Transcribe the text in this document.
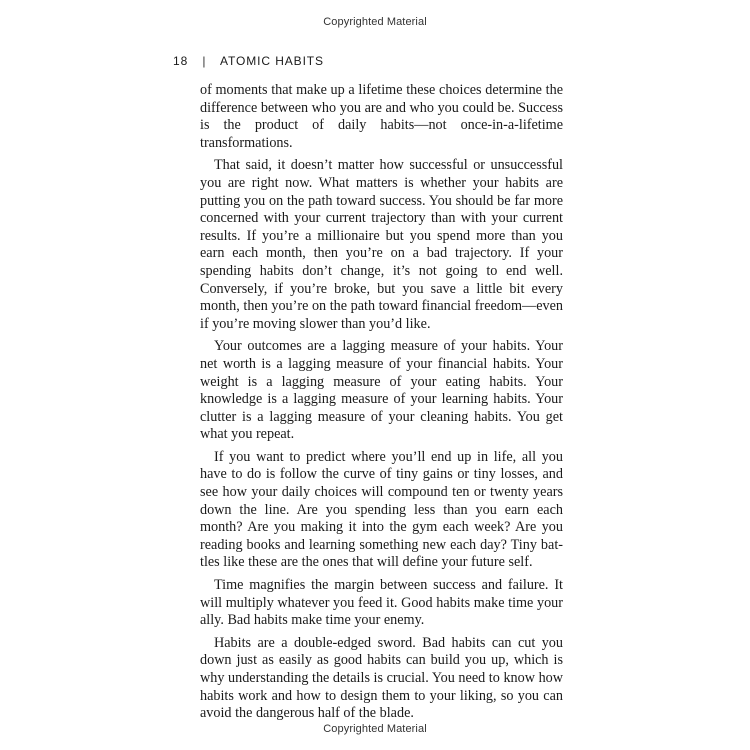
Copyrighted Material
18 | ATOMIC HABITS

of moments that make up a lifetime these choices determine the difference between who you are and who you could be. Success is the product of daily habits—not once-in-a-lifetime transformations.

That said, it doesn’t matter how successful or unsuccessful you are right now. What matters is whether your habits are putting you on the path toward success. You should be far more concerned with your current trajectory than with your current results. If you’re a millionaire but you spend more than you earn each month, then you’re on a bad trajectory. If your spending habits don’t change, it’s not going to end well. Conversely, if you’re broke, but you save a little bit every month, then you’re on the path toward financial freedom—even if you’re moving slower than you’d like.

Your outcomes are a lagging measure of your habits. Your net worth is a lagging measure of your financial habits. Your weight is a lagging measure of your eating habits. Your knowledge is a lagging measure of your learning habits. Your clutter is a lagging measure of your cleaning habits. You get what you repeat.

If you want to predict where you’ll end up in life, all you have to do is follow the curve of tiny gains or tiny losses, and see how your daily choices will compound ten or twenty years down the line. Are you spending less than you earn each month? Are you making it into the gym each week? Are you reading books and learning something new each day? Tiny battles like these are the ones that will define your future self.

Time magnifies the margin between success and failure. It will multiply whatever you feed it. Good habits make time your ally. Bad habits make time your enemy.

Habits are a double-edged sword. Bad habits can cut you down just as easily as good habits can build you up, which is why understanding the details is crucial. You need to know how habits work and how to design them to your liking, so you can avoid the dangerous half of the blade.

Copyrighted Material
